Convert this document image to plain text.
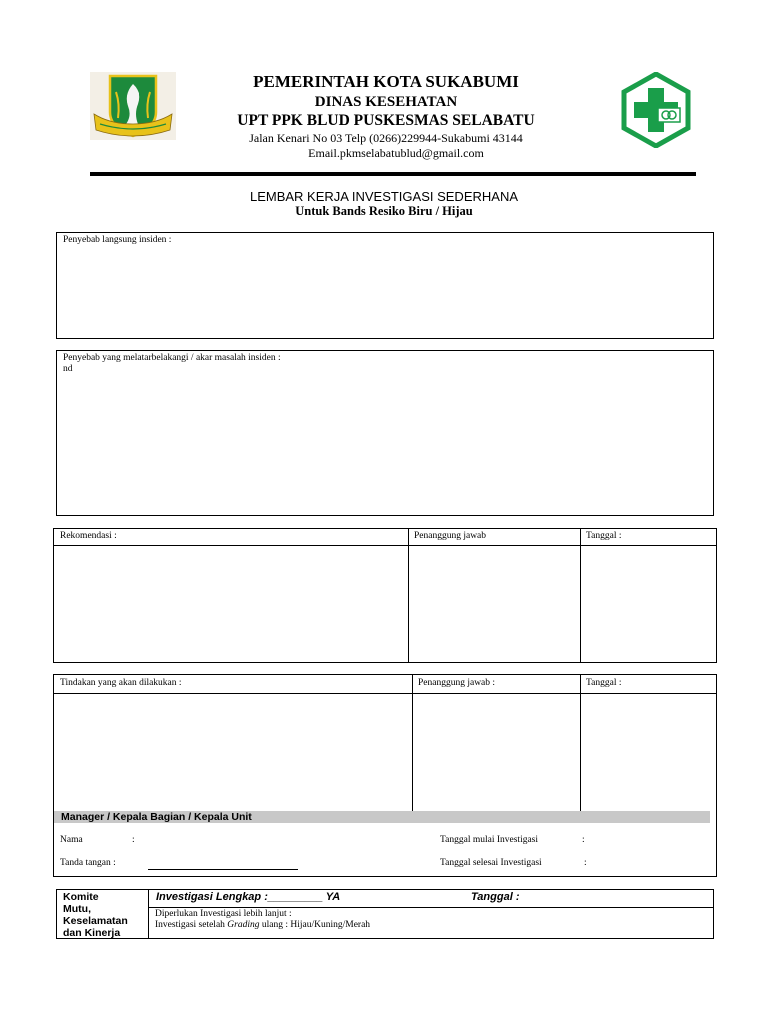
PEMERINTAH KOTA SUKABUMI
DINAS KESEHATAN
UPT PPK BLUD PUSKESMAS SELABATU
Jalan Kenari No 03 Telp (0266)229944-Sukabumi 43144
Email.pkmselabatublud@gmail.com
LEMBAR KERJA INVESTIGASI SEDERHANA
Untuk Bands Resiko Biru / Hijau
Penyebab langsung insiden :
Penyebab yang melatarbelakangi / akar masalah insiden :
nd
Rekomendasi :	Penanggung jawab	Tanggal :
Tindakan yang akan dilakukan :	Penanggung jawab :	Tanggal :
Manager / Kepala Bagian / Kepala Unit
Nama	:
Tanda tangan :
Tanggal mulai Investigasi	:
Tanggal selesai Investigasi	:
Komite
Mutu,
Keselamatan
dan Kinerja
Investigasi Lengkap :_________ YA	Tanggal :
Diperlukan Investigasi lebih lanjut :
Investigasi setelah Grading ulang : Hijau/Kuning/Merah
